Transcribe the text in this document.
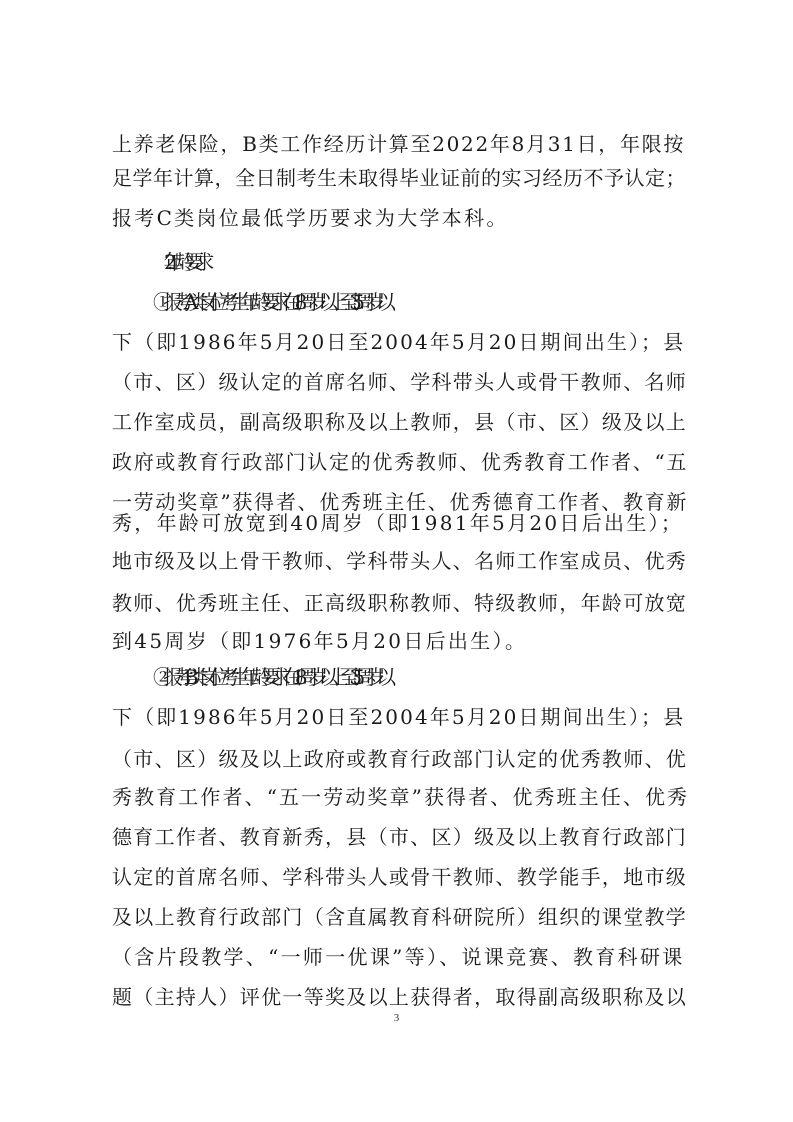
上养老保险，B类工作经历计算至2022年8月31日，年限按
足学年计算，全日制考生未取得毕业证前的实习经历不予认定；
报考C类岗位最低学历要求为大学本科。
2.年龄要求
①报考A类岗位考生年龄要求在18周岁以上至35周岁以
下（即1986年5月20日至2004年5月20日期间出生）；县
（市、区）级认定的首席名师、学科带头人或骨干教师、名师
工作室成员，副高级职称及以上教师，县（市、区）级及以上
政府或教育行政部门认定的优秀教师、优秀教育工作者、“五
一劳动奖章”获得者、优秀班主任、优秀德育工作者、教育新
秀，年龄可放宽到40周岁（即1981年5月20日后出生）；
地市级及以上骨干教师、学科带头人、名师工作室成员、优秀
教师、优秀班主任、正高级职称教师、特级教师，年龄可放宽
到45周岁（即1976年5月20日后出生）。
②报考B类岗位考生年龄要求在18周岁以上至35周岁以
下（即1986年5月20日至2004年5月20日期间出生）；县
（市、区）级及以上政府或教育行政部门认定的优秀教师、优
秀教育工作者、“五一劳动奖章”获得者、优秀班主任、优秀
德育工作者、教育新秀，县（市、区）级及以上教育行政部门
认定的首席名师、学科带头人或骨干教师、教学能手，地市级
及以上教育行政部门（含直属教育科研院所）组织的课堂教学
（含片段教学、“一师一优课”等）、说课竞赛、教育科研课
题（主持人）评优一等奖及以上获得者，取得副高级职称及以
3
